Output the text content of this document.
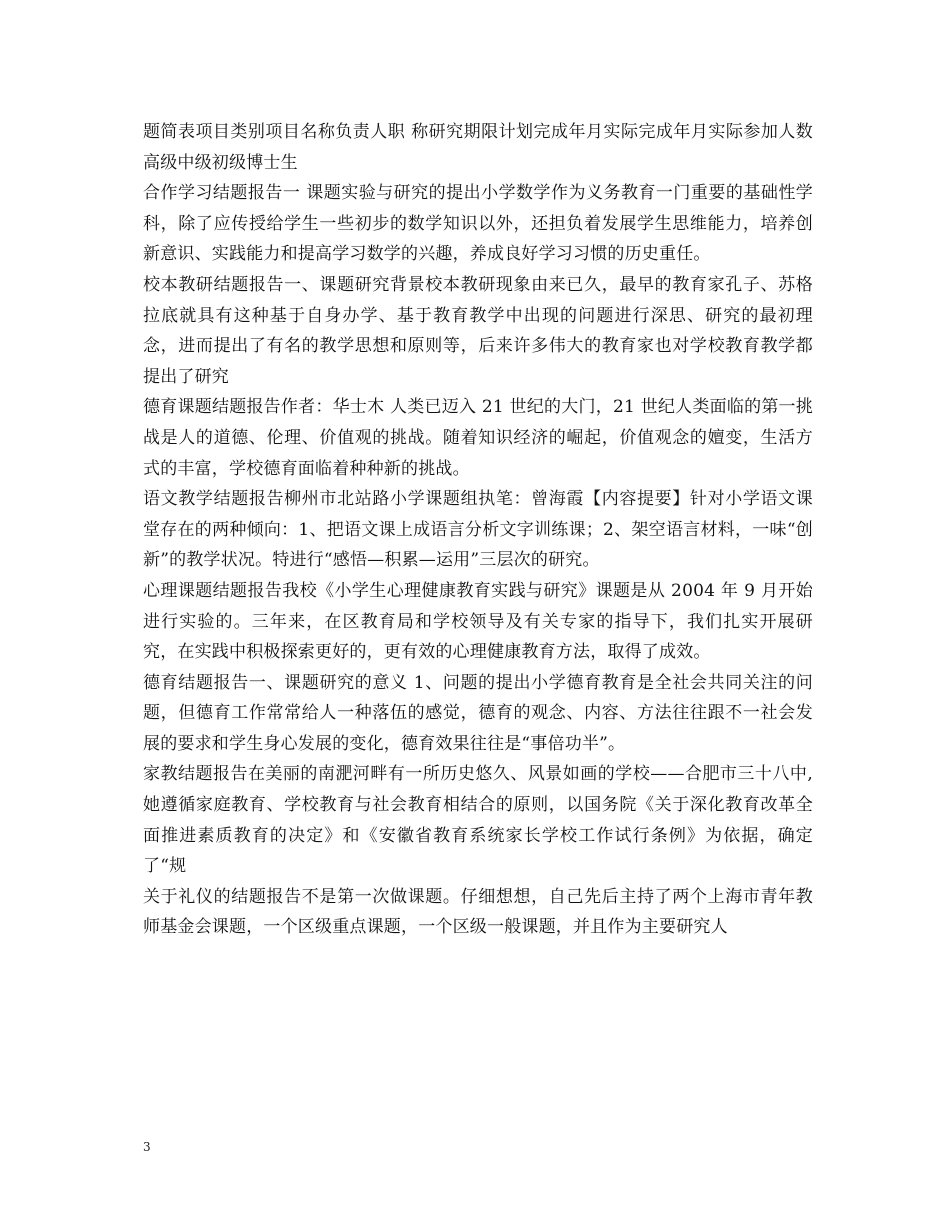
题简表项目类别项目名称负责人职 称研究期限计划完成年月实际完成年月实际参加人数高级中级初级博士生

合作学习结题报告一 课题实验与研究的提出小学数学作为义务教育一门重要的基础性学科，除了应传授给学生一些初步的数学知识以外，还担负着发展学生思维能力，培养创新意识、实践能力和提高学习数学的兴趣，养成良好学习习惯的历史重任。

校本教研结题报告一、课题研究背景校本教研现象由来已久，最早的教育家孔子、苏格拉底就具有这种基于自身办学、基于教育教学中出现的问题进行深思、研究的最初理念，进而提出了有名的教学思想和原则等，后来许多伟大的教育家也对学校教育教学都提出了研究

德育课题结题报告作者：华士木 人类已迈入 21 世纪的大门，21 世纪人类面临的第一挑战是人的道德、伦理、价值观的挑战。随着知识经济的崛起，价值观念的嬗变，生活方式的丰富，学校德育面临着种种新的挑战。

语文教学结题报告柳州市北站路小学课题组执笔：曾海霞【内容提要】针对小学语文课堂存在的两种倾向：1、把语文课上成语言分析文字训练课；2、架空语言材料，一味“创新”的教学状况。特进行“感悟—积累—运用”三层次的研究。

心理课题结题报告我校《小学生心理健康教育实践与研究》课题是从 2004 年 9 月开始进行实验的。三年来，在区教育局和学校领导及有关专家的指导下，我们扎实开展研究，在实践中积极探索更好的，更有效的心理健康教育方法，取得了成效。

德育结题报告一、课题研究的意义 1、问题的提出小学德育教育是全社会共同关注的问题，但德育工作常常给人一种落伍的感觉，德育的观念、内容、方法往往跟不一社会发展的要求和学生身心发展的变化，德育效果往往是“事倍功半”。

家教结题报告在美丽的南淝河畔有一所历史悠久、风景如画的学校——合肥市三十八中,她遵循家庭教育、学校教育与社会教育相结合的原则，以国务院《关于深化教育改革全面推进素质教育的决定》和《安徽省教育系统家长学校工作试行条例》为依据，确定了“规

关于礼仪的结题报告不是第一次做课题。仔细想想，自己先后主持了两个上海市青年教师基金会课题，一个区级重点课题，一个区级一般课题，并且作为主要研究人

3
